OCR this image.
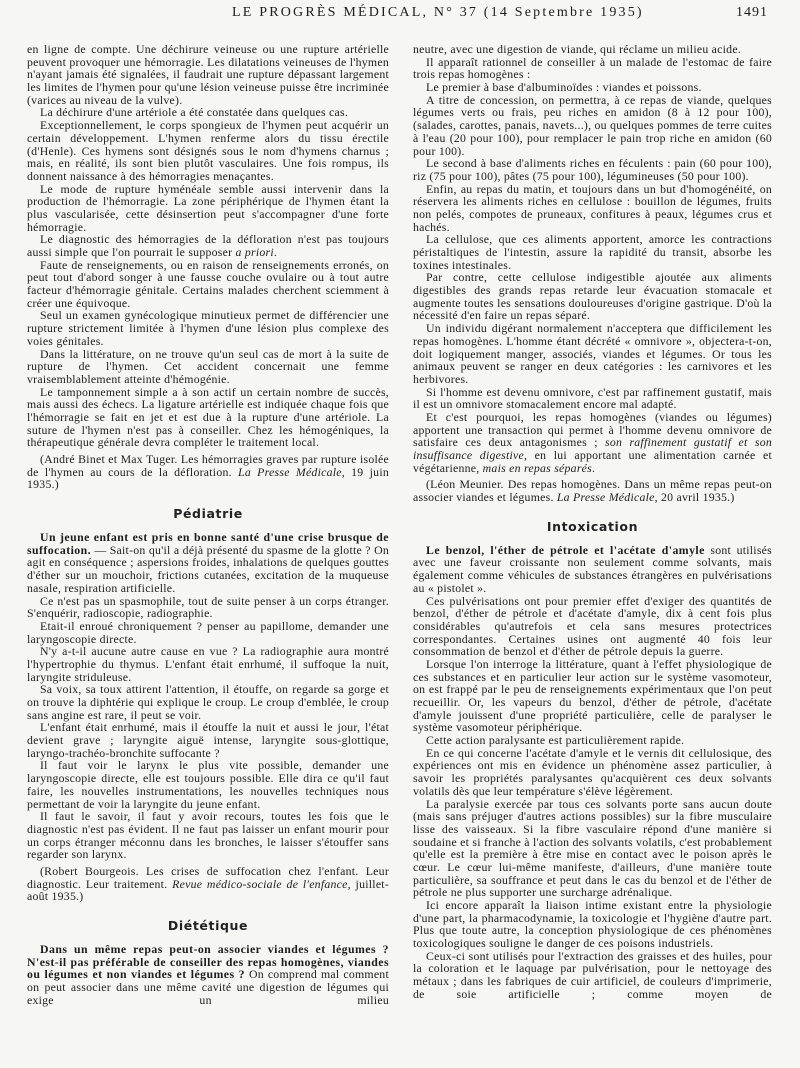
LE PROGRÈS MÉDICAL, N° 37 (14 Septembre 1935)	1491

en ligne de compte. Une déchirure veineuse ou une rupture artérielle peuvent provoquer une hémorragie. Les dilatations veineuses de l'hymen n'ayant jamais été signalées, il faudrait une rupture dépassant largement les limites de l'hymen pour qu'une lésion veineuse puisse être incriminée (varices au niveau de la vulve).

La déchirure d'une artériole a été constatée dans quelques cas.

Exceptionnellement, le corps spongieux de l'hymen peut acquérir un certain développement. L'hymen renferme alors du tissu érectile (d'Henle). Ces hymens sont désignés sous le nom d'hymens charnus ; mais, en réalité, ils sont bien plutôt vasculaires. Une fois rompus, ils donnent naissance à des hémorragies menaçantes.

Le mode de rupture hyménéale semble aussi intervenir dans la production de l'hémorragie. La zone périphérique de l'hymen étant la plus vascularisée, cette désinsertion peut s'accompagner d'une forte hémorragie.

Le diagnostic des hémorragies de la défloration n'est pas toujours aussi simple que l'on pourrait le supposer a priori.

Faute de renseignements, ou en raison de renseignements erronés, on peut tout d'abord songer à une fausse couche ovulaire ou à tout autre facteur d'hémorragie génitale. Certains malades cherchent sciemment à créer une équivoque.

Seul un examen gynécologique minutieux permet de différencier une rupture strictement limitée à l'hymen d'une lésion plus complexe des voies génitales.

Dans la littérature, on ne trouve qu'un seul cas de mort à la suite de rupture de l'hymen. Cet accident concernait une femme vraisemblablement atteinte d'hémogénie.

Le tamponnement simple a à son actif un certain nombre de succès, mais aussi des échecs. La ligature artérielle est indiquée chaque fois que l'hémorragie se fait en jet et est due à la rupture d'une artériole. La suture de l'hymen n'est pas à conseiller. Chez les hémogéniques, la thérapeutique générale devra compléter le traitement local.

(André Binet et Max Tuger. Les hémorragies graves par rupture isolée de l'hymen au cours de la défloration. La Presse Médicale, 19 juin 1935.)

Pédiatrie

Un jeune enfant est pris en bonne santé d'une crise brusque de suffocation. — Sait-on qu'il a déjà présenté du spasme de la glotte ? On agit en conséquence ; aspersions froides, inhalations de quelques gouttes d'éther sur un mouchoir, frictions cutanées, excitation de la muqueuse nasale, respiration artificielle.

Ce n'est pas un spasmophile, tout de suite penser à un corps étranger. S'enquérir, radioscopie, radiographie.

Etait-il enroué chroniquement ? penser au papillome, demander une laryngoscopie directe.

N'y a-t-il aucune autre cause en vue ? La radiographie aura montré l'hypertrophie du thymus. L'enfant était enrhumé, il suffoque la nuit, laryngite striduleuse.

Sa voix, sa toux attirent l'attention, il étouffe, on regarde sa gorge et on trouve la diphtérie qui explique le croup. Le croup d'emblée, le croup sans angine est rare, il peut se voir.

L'enfant était enrhumé, mais il étouffe la nuit et aussi le jour, l'état devient grave ; laryngite aiguë intense, laryngite sous-glottique, laryngo-trachéo-bronchite suffocante ?

Il faut voir le larynx le plus vite possible, demander une laryngoscopie directe, elle est toujours possible. Elle dira ce qu'il faut faire, les nouvelles instrumentations, les nouvelles techniques nous permettant de voir la laryngite du jeune enfant.

Il faut le savoir, il faut y avoir recours, toutes les fois que le diagnostic n'est pas évident. Il ne faut pas laisser un enfant mourir pour un corps étranger méconnu dans les bronches, le laisser s'étouffer sans regarder son larynx.

(Robert Bourgeois. Les crises de suffocation chez l'enfant. Leur diagnostic. Leur traitement. Revue médico-sociale de l'enfance, juillet-août 1935.)

Diététique

Dans un même repas peut-on associer viandes et légumes ? N'est-il pas préférable de conseiller des repas homogènes, viandes ou légumes et non viandes et légumes ? On comprend mal comment on peut associer dans une même cavité une digestion de légumes qui exige un milieu

neutre, avec une digestion de viande, qui réclame un milieu acide.

Il apparaît rationnel de conseiller à un malade de l'estomac de faire trois repas homogènes :

Le premier à base d'albuminoïdes : viandes et poissons.

A titre de concession, on permettra, à ce repas de viande, quelques légumes verts ou frais, peu riches en amidon (8 à 12 pour 100), (salades, carottes, panais, navets...), ou quelques pommes de terre cuites à l'eau (20 pour 100), pour remplacer le pain trop riche en amidon (60 pour 100).

Le second à base d'aliments riches en féculents : pain (60 pour 100), riz (75 pour 100), pâtes (75 pour 100), légumineuses (50 pour 100).

Enfin, au repas du matin, et toujours dans un but d'homogénéité, on réservera les aliments riches en cellulose : bouillon de légumes, fruits non pelés, compotes de pruneaux, confitures à peaux, légumes crus et hachés.

La cellulose, que ces aliments apportent, amorce les contractions péristaltiques de l'intestin, assure la rapidité du transit, absorbe les toxines intestinales.

Par contre, cette cellulose indigestible ajoutée aux aliments digestibles des grands repas retarde leur évacuation stomacale et augmente toutes les sensations douloureuses d'origine gastrique. D'où la nécessité d'en faire un repas séparé.

Un individu digérant normalement n'acceptera que difficilement les repas homogènes. L'homme étant décrété « omnivore », objectera-t-on, doit logiquement manger, associés, viandes et légumes. Or tous les animaux peuvent se ranger en deux catégories : les carnivores et les herbivores.

Si l'homme est devenu omnivore, c'est par raffinement gustatif, mais il est un omnivore stomacalement encore mal adapté.

Et c'est pourquoi, les repas homogènes (viandes ou légumes) apportent une transaction qui permet à l'homme devenu omnivore de satisfaire ces deux antagonismes ; son raffinement gustatif et son insuffisance digestive, en lui apportant une alimentation carnée et végétarienne, mais en repas séparés.

(Léon Meunier. Des repas homogènes. Dans un même repas peut-on associer viandes et légumes. La Presse Médicale, 20 avril 1935.)

Intoxication

Le benzol, l'éther de pétrole et l'acétate d'amyle sont utilisés avec une faveur croissante non seulement comme solvants, mais également comme véhicules de substances étrangères en pulvérisations au « pistolet ».

Ces pulvérisations ont pour premier effet d'exiger des quantités de benzol, d'éther de pétrole et d'acétate d'amyle, dix à cent fois plus considérables qu'autrefois et cela sans mesures protectrices correspondantes. Certaines usines ont augmenté 40 fois leur consommation de benzol et d'éther de pétrole depuis la guerre.

Lorsque l'on interroge la littérature, quant à l'effet physiologique de ces substances et en particulier leur action sur le système vasomoteur, on est frappé par le peu de renseignements expérimentaux que l'on peut recueillir. Or, les vapeurs du benzol, d'éther de pétrole, d'acétate d'amyle jouissent d'une propriété particulière, celle de paralyser le système vasomoteur périphérique.

Cette action paralysante est particulièrement rapide.

En ce qui concerne l'acétate d'amyle et le vernis dit cellulosique, des expériences ont mis en évidence un phénomène assez particulier, à savoir les propriétés paralysantes qu'acquièrent ces deux solvants volatils dès que leur température s'élève légèrement.

La paralysie exercée par tous ces solvants porte sans aucun doute (mais sans préjuger d'autres actions possibles) sur la fibre musculaire lisse des vaisseaux. Si la fibre vasculaire répond d'une manière si soudaine et si franche à l'action des solvants volatils, c'est probablement qu'elle est la première à être mise en contact avec le poison après le cœur. Le cœur lui-même manifeste, d'ailleurs, d'une manière toute particulière, sa souffrance et peut dans le cas du benzol et de l'éther de pétrole ne plus supporter une surcharge adrénalique.

Ici encore apparaît la liaison intime existant entre la physiologie d'une part, la pharmacodynamie, la toxicologie et l'hygiène d'autre part. Plus que toute autre, la conception physiologique de ces phénomènes toxicologiques souligne le danger de ces poisons industriels.

Ceux-ci sont utilisés pour l'extraction des graisses et des huiles, pour la coloration et le laquage par pulvérisation, pour le nettoyage des métaux ; dans les fabriques de cuir artificiel, de couleurs d'imprimerie, de soie artificielle ; comme moyen de
